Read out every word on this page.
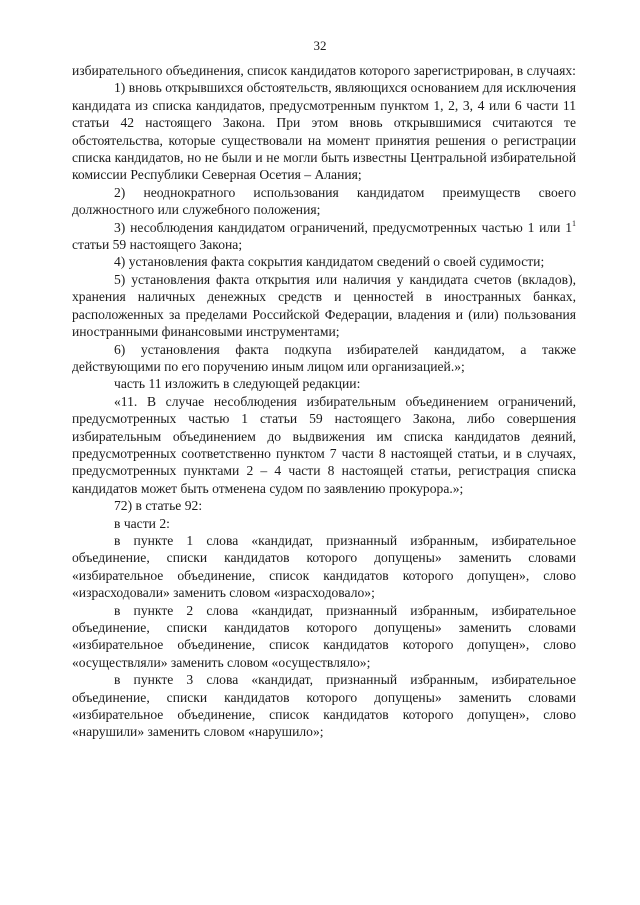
32

избирательного объединения, список кандидатов которого зарегистрирован, в случаях:

1) вновь открывшихся обстоятельств, являющихся основанием для исключения кандидата из списка кандидатов, предусмотренным пунктом 1, 2, 3, 4 или 6 части 11 статьи 42 настоящего Закона. При этом вновь открывшимися считаются те обстоятельства, которые существовали на момент принятия решения о регистрации списка кандидатов, но не были и не могли быть известны Центральной избирательной комиссии Республики Северная Осетия – Алания;

2) неоднократного использования кандидатом преимуществ своего должностного или служебного положения;

3) несоблюдения кандидатом ограничений, предусмотренных частью 1 или $1^1$ статьи 59 настоящего Закона;

4) установления факта сокрытия кандидатом сведений о своей судимости;

5) установления факта открытия или наличия у кандидата счетов (вкладов), хранения наличных денежных средств и ценностей в иностранных банках, расположенных за пределами Российской Федерации, владения и (или) пользования иностранными финансовыми инструментами;

6) установления факта подкупа избирателей кандидатом, а также действующими по его поручению иным лицом или организацией.»;

часть 11 изложить в следующей редакции:

«11. В случае несоблюдения избирательным объединением ограничений, предусмотренных частью 1 статьи 59 настоящего Закона, либо совершения избирательным объединением до выдвижения им списка кандидатов деяний, предусмотренных соответственно пунктом 7 части 8 настоящей статьи, и в случаях, предусмотренных пунктами 2 – 4 части 8 настоящей статьи, регистрация списка кандидатов может быть отменена судом по заявлению прокурора.»;

72) в статье 92:

в части 2:

в пункте 1 слова «кандидат, признанный избранным, избирательное объединение, списки кандидатов которого допущены» заменить словами «избирательное объединение, список кандидатов которого допущен», слово «израсходовали» заменить словом «израсходовало»;

в пункте 2 слова «кандидат, признанный избранным, избирательное объединение, списки кандидатов которого допущены» заменить словами «избирательное объединение, список кандидатов которого допущен», слово «осуществляли» заменить словом «осуществляло»;

в пункте 3 слова «кандидат, признанный избранным, избирательное объединение, списки кандидатов которого допущены» заменить словами «избирательное объединение, список кандидатов которого допущен», слово «нарушили» заменить словом «нарушило»;
